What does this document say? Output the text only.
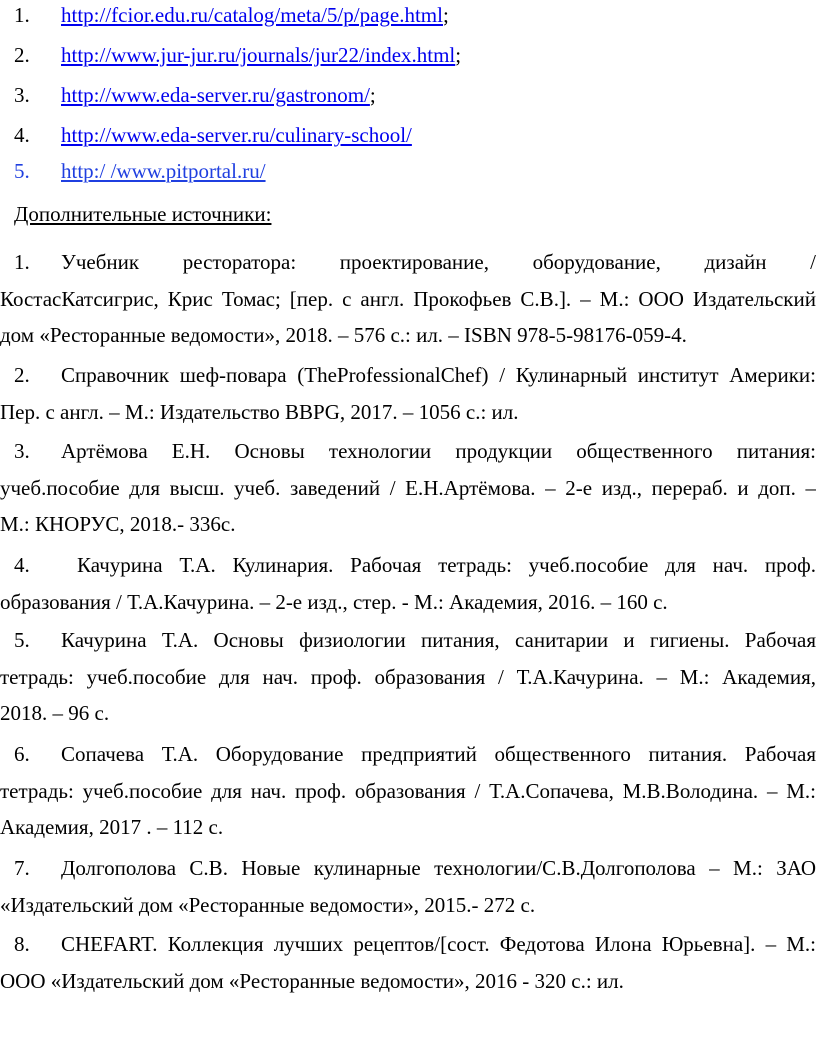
1. http://fcior.edu.ru/catalog/meta/5/p/page.html;
2. http://www.jur-jur.ru/journals/jur22/index.html;
3. http://www.eda-server.ru/gastronom/;
4. http://www.eda-server.ru/culinary-school/
5. http:/ /www.pitportal.ru/
Дополнительные источники:
1. Учебник ресторатора: проектирование, оборудование, дизайн /
КостасКатсигрис, Крис Томас; [пер. с англ. Прокофьев С.В.]. – М.: ООО Издательский
дом «Ресторанные ведомости», 2018. – 576 с.: ил. – ISBN 978-5-98176-059-4.
2. Справочник шеф-повара (TheProfessionalChef) / Кулинарный институт Америки:
Пер. с англ. – М.: Издательство BBPG, 2017. – 1056 с.: ил.
3. Артёмова Е.Н. Основы технологии продукции общественного питания:
учеб.пособие для высш. учеб. заведений / Е.Н.Артёмова. – 2-е изд., перераб. и доп. –
М.: КНОРУС, 2018.- 336с.
4. Качурина Т.А. Кулинария. Рабочая тетрадь: учеб.пособие для нач. проф.
образования / Т.А.Качурина. – 2-е изд., стер. - М.: Академия, 2016. – 160 с.
5. Качурина Т.А. Основы физиологии питания, санитарии и гигиены. Рабочая
тетрадь: учеб.пособие для нач. проф. образования / Т.А.Качурина. – М.: Академия,
2018. – 96 с.
6. Сопачева Т.А. Оборудование предприятий общественного питания. Рабочая
тетрадь: учеб.пособие для нач. проф. образования / Т.А.Сопачева, М.В.Володина. – М.:
Академия, 2017 . – 112 с.
7. Долгополова С.В. Новые кулинарные технологии/С.В.Долгополова – М.: ЗАО
«Издательский дом «Ресторанные ведомости», 2015.- 272 с.
8. CHEFART. Коллекция лучших рецептов/[сост. Федотова Илона Юрьевна]. – М.:
ООО «Издательский дом «Ресторанные ведомости», 2016 - 320 с.: ил.
